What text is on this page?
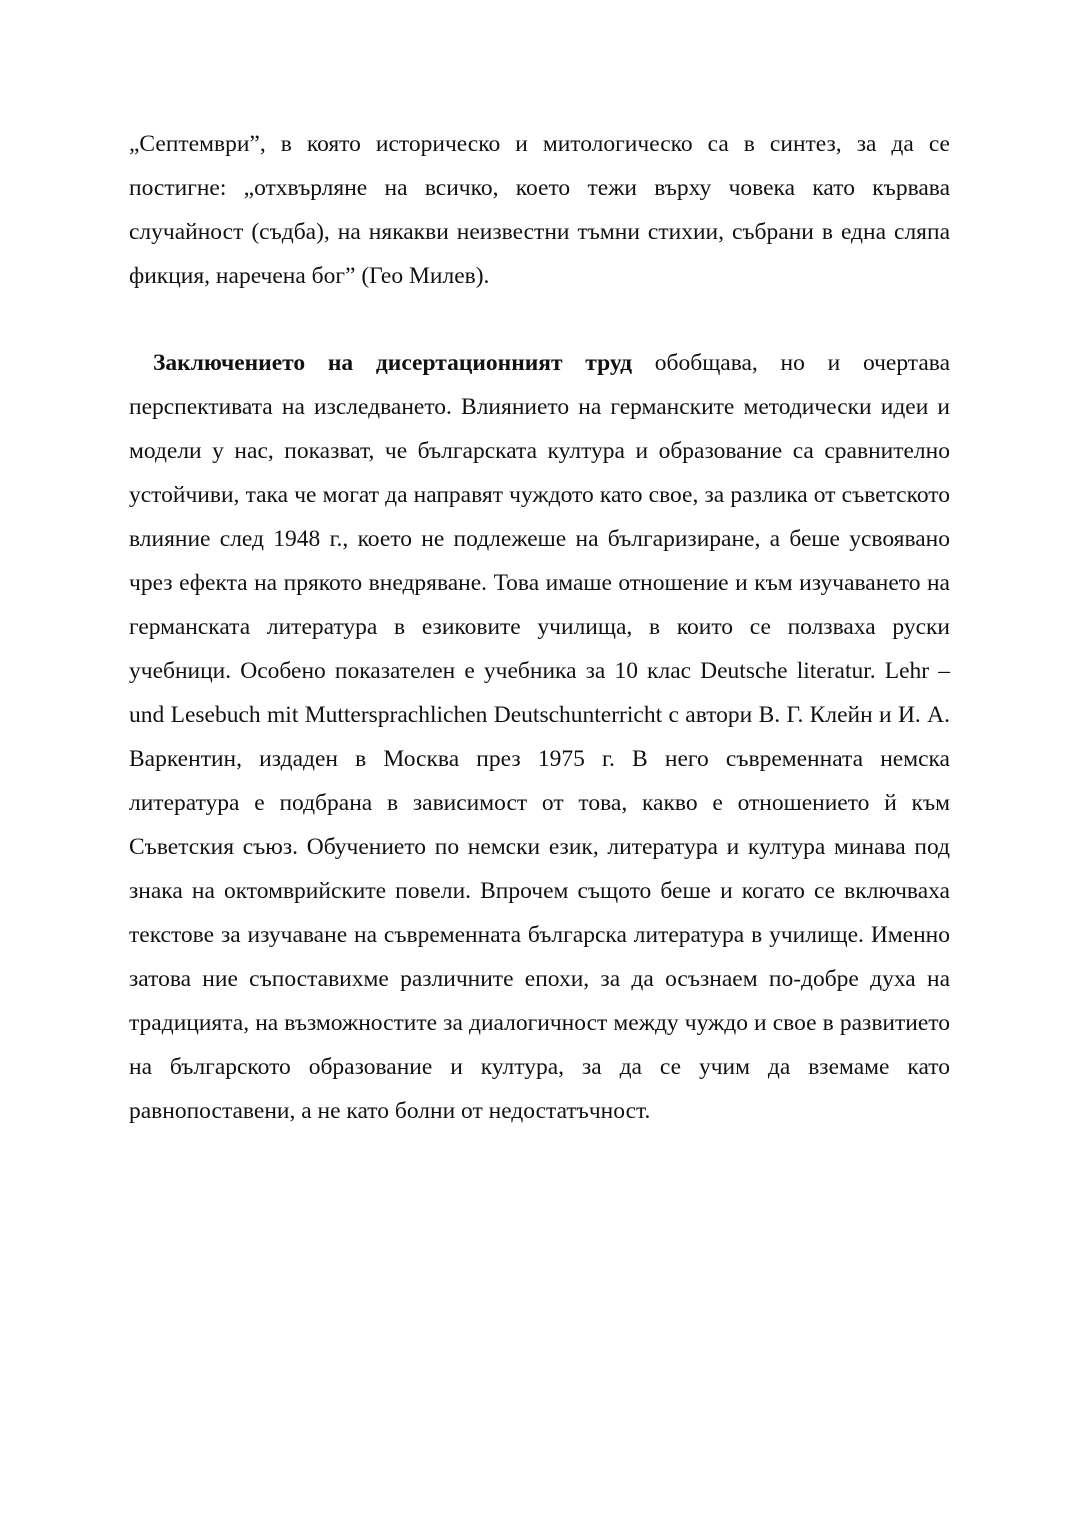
„Септември”, в която историческо и митологическо са в синтез, за да се постигне: „отхвърляне на всичко, което тежи върху човека като кървава случайност (съдба), на някакви неизвестни тъмни стихии, събрани в една сляпа фикция, наречена бог” (Гео Милев).

Заключението на дисертационният труд обобщава, но и очертава перспективата на изследването. Влиянието на германските методически идеи и модели у нас, показват, че българската култура и образование са сравнително устойчиви, така че могат да направят чуждото като свое, за разлика от съветското влияние след 1948 г., което не подлежеше на българизиране, а беше усвоявано чрез ефекта на прякото внедряване. Това имаше отношение и към изучаването на германската литература в езиковите училища, в които се ползваха руски учебници. Особено показателен е учебника за 10 клас Deutsche literatur. Lehr – und Lesebuch mit Muttersprachlichen Deutschunterricht с автори В. Г. Клейн и И. А. Варкентин, издаден в Москва през 1975 г. В него съвременната немска литература е подбрана в зависимост от това, какво е отношението й към Съветския съюз. Обучението по немски език, литература и култура минава под знака на октомврийските повели. Впрочем същото беше и когато се включваха текстове за изучаване на съвременната българска литература в училище. Именно затова ние съпоставихме различните епохи, за да осъзнаем по-добре духа на традицията, на възможностите за диалогичност между чуждо и свое в развитието на българското образование и култура, за да се учим да вземаме като равнопоставени, а не като болни от недостатъчност.
